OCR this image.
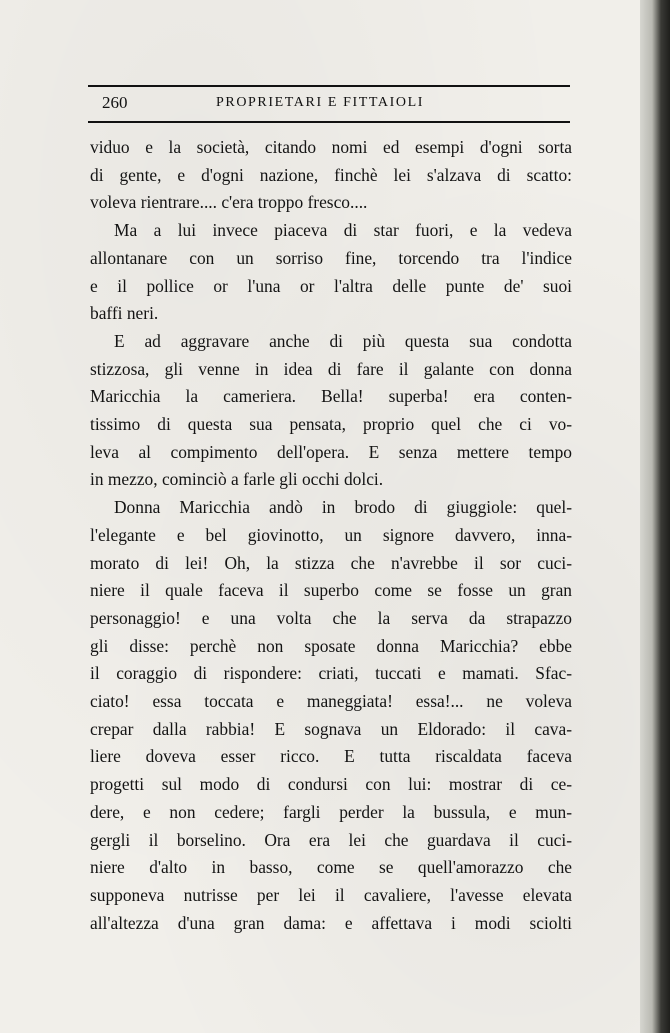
260	PROPRIETARI E FITTAIOLI
viduo e la società, citando nomi ed esempi d'ogni sorta
di gente, e d'ogni nazione, finchè lei s'alzava di scatto:
voleva rientrare.... c'era troppo fresco....
Ma a lui invece piaceva di star fuori, e la vedeva
allontanare con un sorriso fine, torcendo tra l'indice
e il pollice or l'una or l'altra delle punte de' suoi
baffi neri.
E ad aggravare anche di più questa sua condotta
stizzosa, gli venne in idea di fare il galante con donna
Maricchia la cameriera. Bella! superba! era conten-
tissimo di questa sua pensata, proprio quel che ci vo-
leva al compimento dell'opera. E senza mettere tempo
in mezzo, cominciò a farle gli occhi dolci.
Donna Maricchia andò in brodo di giuggiole: quel-
l'elegante e bel giovinotto, un signore davvero, inna-
morato di lei! Oh, la stizza che n'avrebbe il sor cuci-
niere il quale faceva il superbo come se fosse un gran
personaggio! e una volta che la serva da strapazzo
gli disse: perchè non sposate donna Maricchia? ebbe
il coraggio di rispondere: criati, tuccati e mamati. Sfac-
ciato! essa toccata e maneggiata! essa!... ne voleva
crepar dalla rabbia! E sognava un Eldorado: il cava-
liere doveva esser ricco. E tutta riscaldata faceva
progetti sul modo di condursi con lui: mostrar di ce-
dere, e non cedere; fargli perder la bussula, e mun-
gergli il borselino. Ora era lei che guardava il cuci-
niere d'alto in basso, come se quell'amorazzo che
supponeva nutrisse per lei il cavaliere, l'avesse elevata
all'altezza d'una gran dama: e affettava i modi sciolti
